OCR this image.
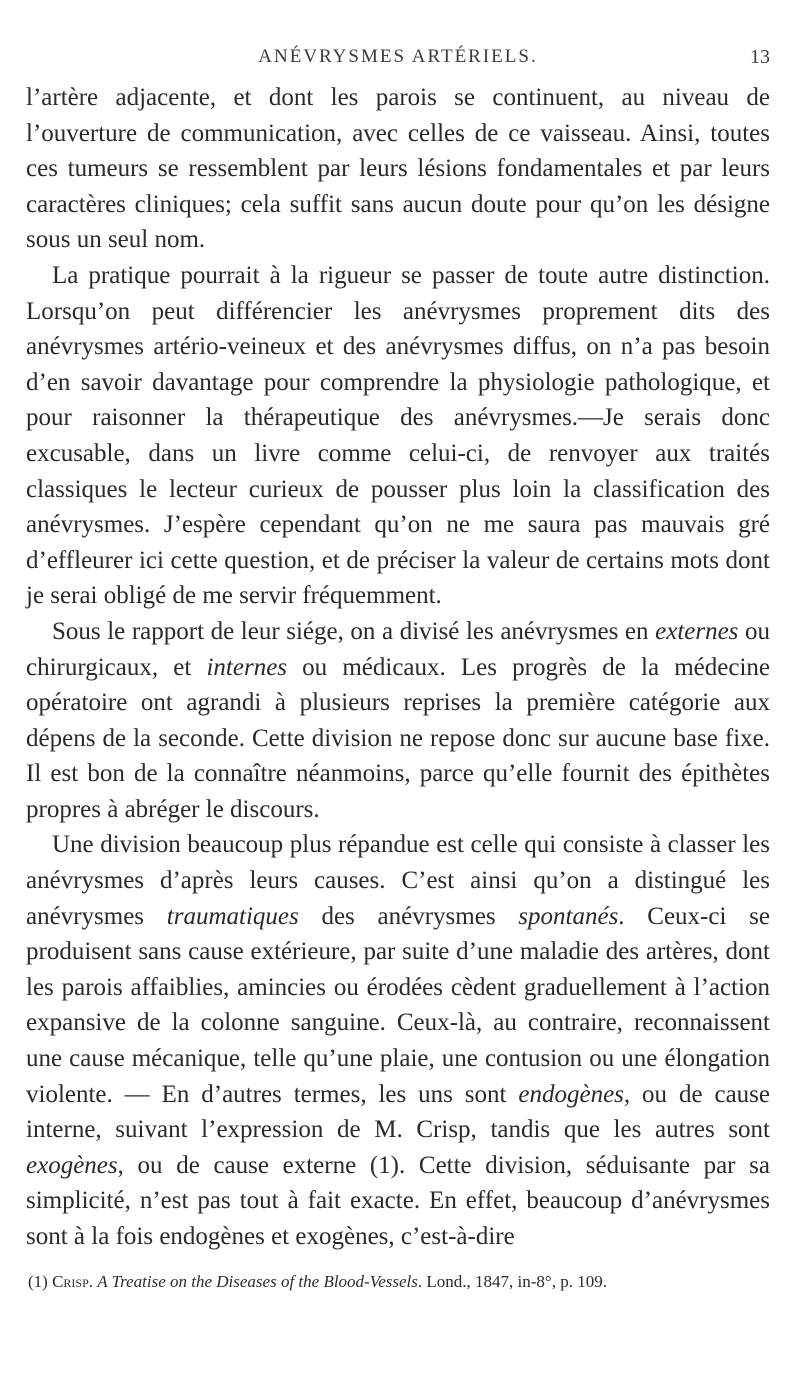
ANÉVRYSMES ARTÉRIELS.	13

l’artère adjacente, et dont les parois se continuent, au niveau de l’ouverture de communication, avec celles de ce vaisseau. Ainsi, toutes ces tumeurs se ressemblent par leurs lésions fondamentales et par leurs caractères cliniques; cela suffit sans aucun doute pour qu’on les désigne sous un seul nom.

La pratique pourrait à la rigueur se passer de toute autre distinction. Lorsqu’on peut différencier les anévrysmes proprement dits des anévrysmes artério-veineux et des anévrysmes diffus, on n’a pas besoin d’en savoir davantage pour comprendre la physiologie pathologique, et pour raisonner la thérapeutique des anévrysmes.—Je serais donc excusable, dans un livre comme celui-ci, de renvoyer aux traités classiques le lecteur curieux de pousser plus loin la classification des anévrysmes. J’espère cependant qu’on ne me saura pas mauvais gré d’effleurer ici cette question, et de préciser la valeur de certains mots dont je serai obligé de me servir fréquemment.

Sous le rapport de leur siége, on a divisé les anévrysmes en externes ou chirurgicaux, et internes ou médicaux. Les progrès de la médecine opératoire ont agrandi à plusieurs reprises la première catégorie aux dépens de la seconde. Cette division ne repose donc sur aucune base fixe. Il est bon de la connaître néanmoins, parce qu’elle fournit des épithètes propres à abréger le discours.

Une division beaucoup plus répandue est celle qui consiste à classer les anévrysmes d’après leurs causes. C’est ainsi qu’on a distingué les anévrysmes traumatiques des anévrysmes spontanés. Ceux-ci se produisent sans cause extérieure, par suite d’une maladie des artères, dont les parois affaiblies, amincies ou érodées cèdent graduellement à l’action expansive de la colonne sanguine. Ceux-là, au contraire, reconnaissent une cause mécanique, telle qu’une plaie, une contusion ou une élongation violente. — En d’autres termes, les uns sont endogènes, ou de cause interne, suivant l’expression de M. Crisp, tandis que les autres sont exogènes, ou de cause externe (1). Cette division, séduisante par sa simplicité, n’est pas tout à fait exacte. En effet, beaucoup d’anévrysmes sont à la fois endogènes et exogènes, c’est-à-dire

(1) Crisp. A Treatise on the Diseases of the Blood-Vessels. Lond., 1847, in-8°, p. 109.
